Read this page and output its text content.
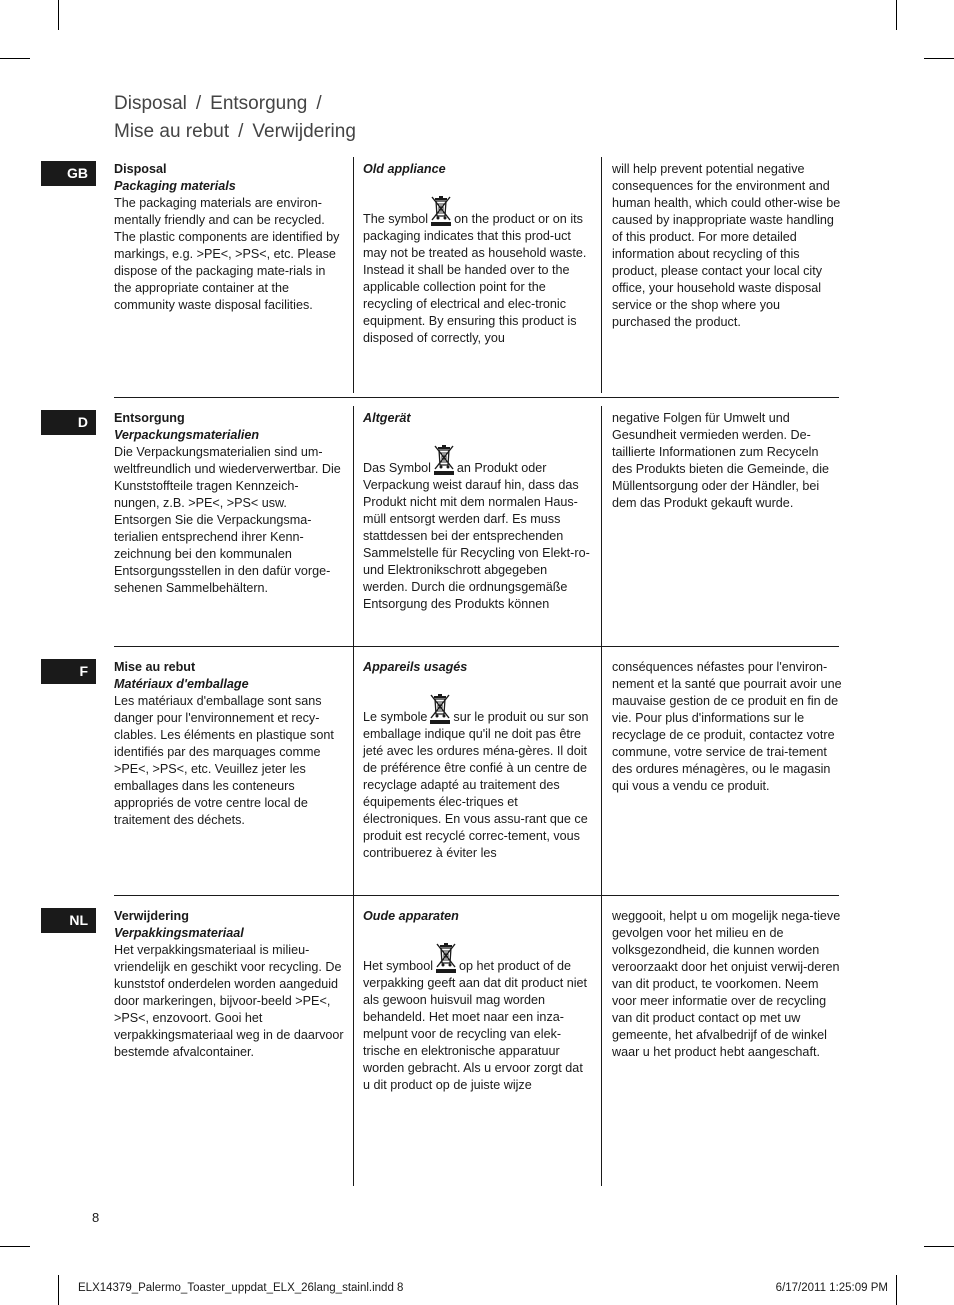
Disposal / Entsorgung /
Mise au rebut / Verwijdering
GB	Disposal
Packaging materials

The packaging materials are environ-mentally friendly and can be recycled. The plastic components are identified by markings, e.g. >PE<, >PS<, etc. Please dispose of the packaging mate-rials in the appropriate container at the community waste disposal facilities.

Old appliance

The symbol on the product or on its packaging indicates that this prod-uct may not be treated as household waste. Instead it shall be handed over to the applicable collection point for the recycling of electrical and elec-tronic equipment. By ensuring this product is disposed of correctly, you

will help prevent potential negative consequences for the environment and human health, which could other-wise be caused by inappropriate waste handling of this product. For more detailed information about recycling of this product, please contact your local city office, your household waste disposal service or the shop where you purchased the product.

D	Entsorgung
Verpackungsmaterialien

Die Verpackungsmaterialien sind um-weltfreundlich und wiederverwertbar. Die Kunststoffteile tragen Kennzeich-nungen, z.B. >PE<, >PS< usw. Entsorgen Sie die Verpackungsma-terialien entsprechend ihrer Kenn-zeichnung bei den kommunalen Entsorgungsstellen in den dafür vorge-sehenen Sammelbehältern.

Altgerät

Das Symbol an Produkt oder Verpackung weist darauf hin, dass das Produkt nicht mit dem normalen Haus-müll entsorgt werden darf. Es muss stattdessen bei der entsprechenden Sammelstelle für Recycling von Elekt-ro- und Elektronikschrott abgegeben werden. Durch die ordnungsgemäße Entsorgung des Produkts können

negative Folgen für Umwelt und Gesundheit vermieden werden. De-taillierte Informationen zum Recyceln des Produkts bieten die Gemeinde, die Müllentsorgung oder der Händler, bei dem das Produkt gekauft wurde.

F	Mise au rebut
Matériaux d'emballage

Les matériaux d'emballage sont sans danger pour l'environnement et recy-clables. Les éléments en plastique sont identifiés par des marquages comme >PE<, >PS<, etc. Veuillez jeter les emballages dans les conteneurs appropriés de votre centre local de traitement des déchets.

Appareils usagés

Le symbole sur le produit ou sur son emballage indique qu'il ne doit pas être jeté avec les ordures ména-gères. Il doit de préférence être confié à un centre de recyclage adapté au traitement des équipements élec-triques et électroniques. En vous assu-rant que ce produit est recyclé correc-tement, vous contribuerez à éviter les

conséquences néfastes pour l'environ-nement et la santé que pourrait avoir une mauvaise gestion de ce produit en fin de vie. Pour plus d'informations sur le recyclage de ce produit, contactez votre commune, votre service de trai-tement des ordures ménagères, ou le magasin qui vous a vendu ce produit.

NL	Verwijdering
Verpakkingsmateriaal

Het verpakkingsmateriaal is milieu-vriendelijk en geschikt voor recycling. De kunststof onderdelen worden aangeduid door markeringen, bijvoor-beeld >PE<, >PS<, enzovoort. Gooi het verpakkingsmateriaal weg in de daarvoor bestemde afvalcontainer.

Oude apparaten

Het symbool op het product of de verpakking geeft aan dat dit product niet als gewoon huisvuil mag worden behandeld. Het moet naar een inza-melpunt voor de recycling van elek-trische en elektronische apparatuur worden gebracht. Als u ervoor zorgt dat u dit product op de juiste wijze

weggooit, helpt u om mogelijk nega-tieve gevolgen voor het milieu en de volksgezondheid, die kunnen worden veroorzaakt door het onjuist verwij-deren van dit product, te voorkomen. Neem voor meer informatie over de recycling van dit product contact op met uw gemeente, het afvalbedrijf of de winkel waar u het product hebt aangeschaft.

8
ELX14379_Palermo_Toaster_uppdat_ELX_26lang_stainl.indd 8	6/17/2011 1:25:09 PM
